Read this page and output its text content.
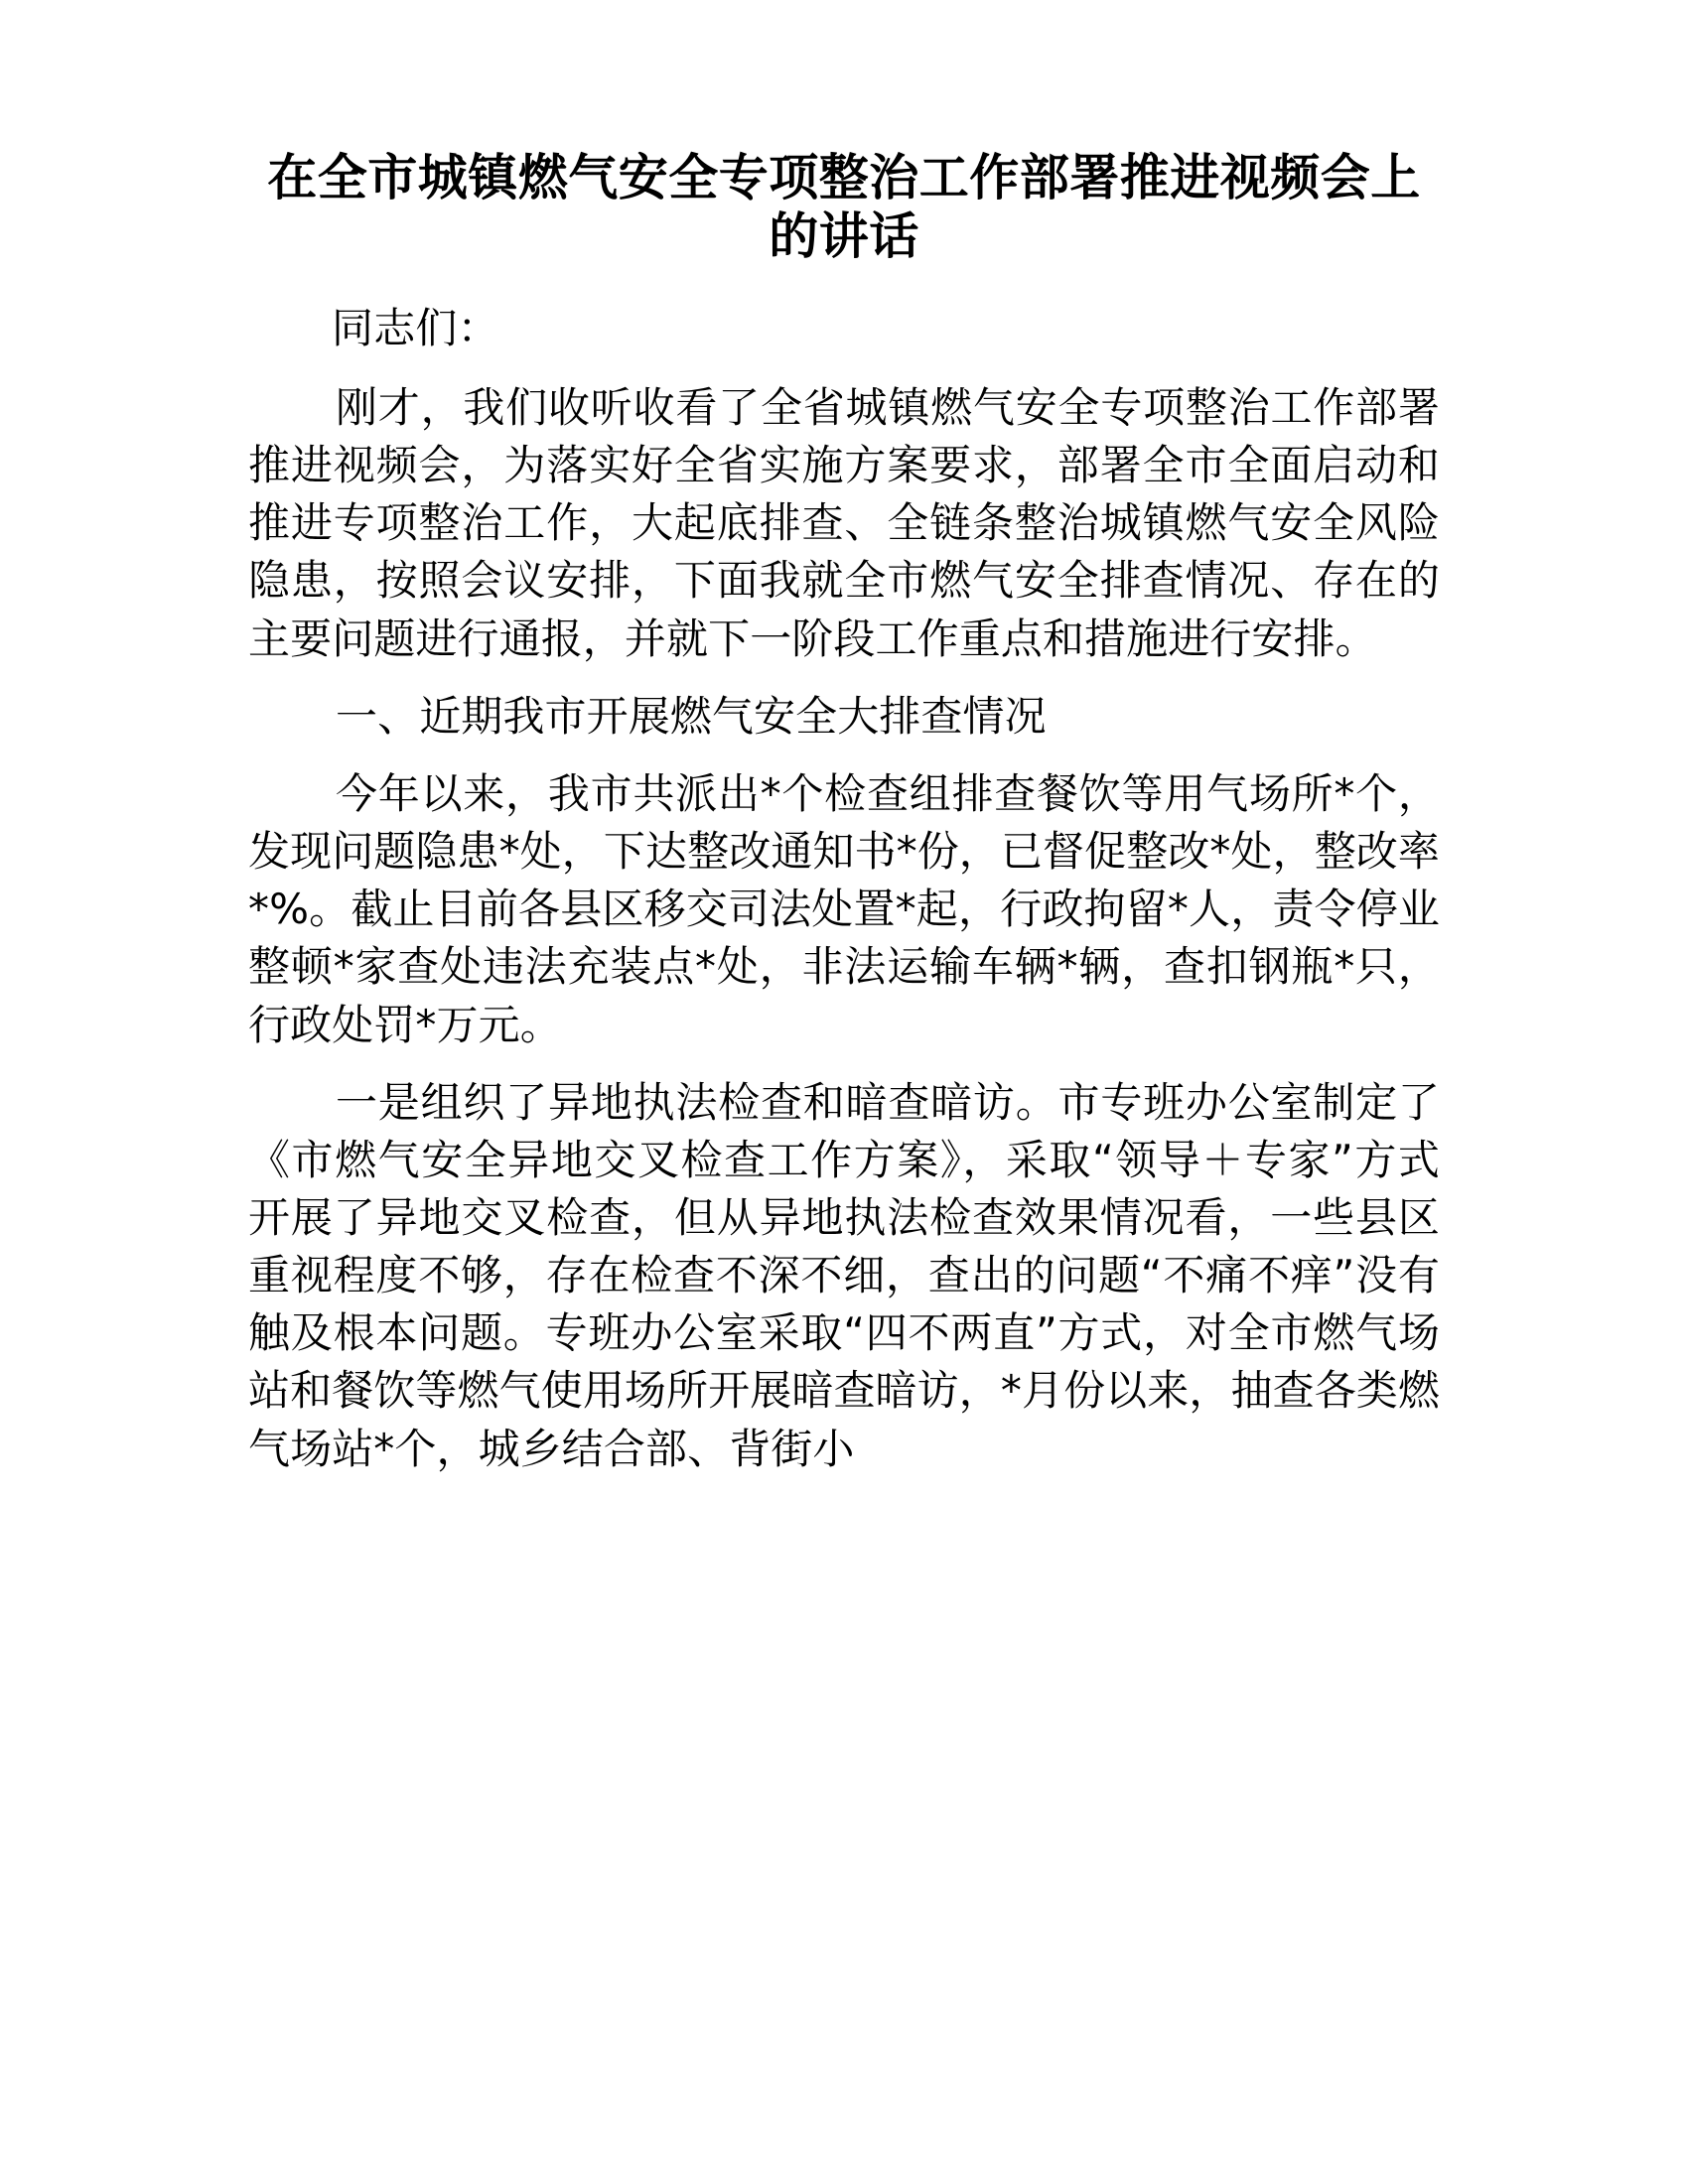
在全市城镇燃气安全专项整治工作部署推进视频会上的讲话

同志们：

刚才，我们收听收看了全省城镇燃气安全专项整治工作部署推进视频会，为落实好全省实施方案要求，部署全市全面启动和推进专项整治工作，大起底排查、全链条整治城镇燃气安全风险隐患，按照会议安排，下面我就全市燃气安全排查情况、存在的主要问题进行通报，并就下一阶段工作重点和措施进行安排。

一、近期我市开展燃气安全大排查情况

今年以来，我市共派出*个检查组排查餐饮等用气场所*个，发现问题隐患*处，下达整改通知书*份，已督促整改*处，整改率*%。截止目前各县区移交司法处置*起，行政拘留*人，责令停业整顿*家查处违法充装点*处，非法运输车辆*辆，查扣钢瓶*只，行政处罚*万元。

一是组织了异地执法检查和暗查暗访。市专班办公室制定了《市燃气安全异地交叉检查工作方案》，采取“领导＋专家”方式开展了异地交叉检查，但从异地执法检查效果情况看，一些县区重视程度不够，存在检查不深不细，查出的问题“不痛不痒”没有触及根本问题。专班办公室采取“四不两直”方式，对全市燃气场站和餐饮等燃气使用场所开展暗查暗访，*月份以来，抽查各类燃气场站*个，城乡结合部、背街小
